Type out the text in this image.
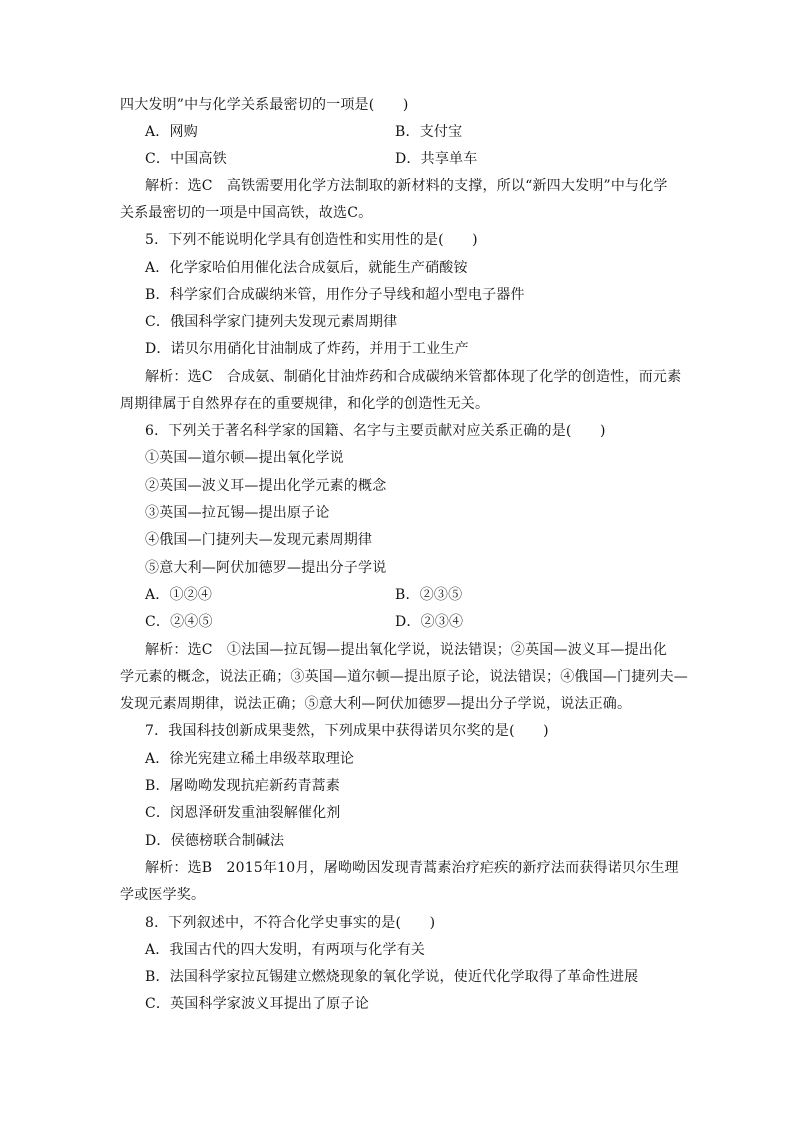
四大发明”中与化学关系最密切的一项是(　　)
A．网购	B．支付宝
C．中国高铁	D．共享单车
解析：选C　高铁需要用化学方法制取的新材料的支撑，所以“新四大发明”中与化学
关系最密切的一项是中国高铁，故选C。
5．下列不能说明化学具有创造性和实用性的是(　　)
A．化学家哈伯用催化法合成氨后，就能生产硝酸铵
B．科学家们合成碳纳米管，用作分子导线和超小型电子器件
C．俄国科学家门捷列夫发现元素周期律
D．诺贝尔用硝化甘油制成了炸药，并用于工业生产
解析：选C　合成氨、制硝化甘油炸药和合成碳纳米管都体现了化学的创造性，而元素
周期律属于自然界存在的重要规律，和化学的创造性无关。
6．下列关于著名科学家的国籍、名字与主要贡献对应关系正确的是(　　)
①英国—道尔顿—提出氧化学说
②英国—波义耳—提出化学元素的概念
③英国—拉瓦锡—提出原子论
④俄国—门捷列夫—发现元素周期律
⑤意大利—阿伏加德罗—提出分子学说
A．①②④	B．②③⑤
C．②④⑤	D．②③④
解析：选C　①法国—拉瓦锡—提出氧化学说，说法错误；②英国—波义耳—提出化
学元素的概念，说法正确；③英国—道尔顿—提出原子论，说法错误；④俄国—门捷列夫—
发现元素周期律，说法正确；⑤意大利—阿伏加德罗—提出分子学说，说法正确。
7．我国科技创新成果斐然，下列成果中获得诺贝尔奖的是(　　)
A．徐光宪建立稀土串级萃取理论
B．屠呦呦发现抗疟新药青蒿素
C．闵恩泽研发重油裂解催化剂
D．侯德榜联合制碱法
解析：选B　2015年10月，屠呦呦因发现青蒿素治疗疟疾的新疗法而获得诺贝尔生理
学或医学奖。
8．下列叙述中，不符合化学史事实的是(　　)
A．我国古代的四大发明，有两项与化学有关
B．法国科学家拉瓦锡建立燃烧现象的氧化学说，使近代化学取得了革命性进展
C．英国科学家波义耳提出了原子论
